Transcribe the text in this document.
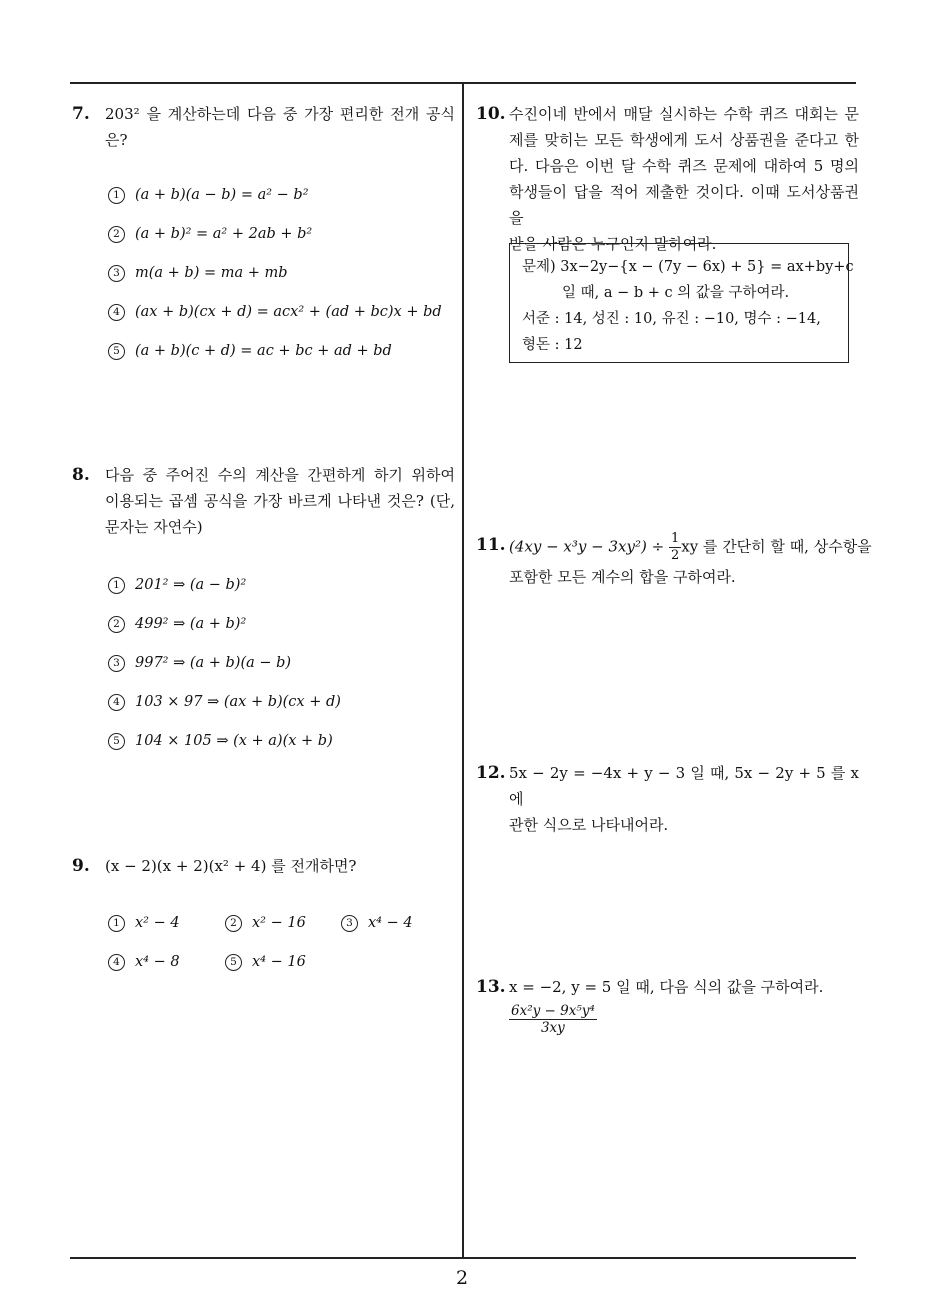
7. 203² 을 계산하는데 다음 중 가장 편리한 전개 공식
은?
1 (a + b)(a − b) = a² − b²
2 (a + b)² = a² + 2ab + b²
3 m(a + b) = ma + mb
4 (ax + b)(cx + d) = acx² + (ad + bc)x + bd
5 (a + b)(c + d) = ac + bc + ad + bd
8. 다음 중 주어진 수의 계산을 간편하게 하기 위하여
이용되는 곱셈 공식을 가장 바르게 나타낸 것은? (단,
문자는 자연수)
1 201² ⇒ (a − b)²
2 499² ⇒ (a + b)²
3 997² ⇒ (a + b)(a − b)
4 103 × 97 ⇒ (ax + b)(cx + d)
5 104 × 105 ⇒ (x + a)(x + b)
9. (x − 2)(x + 2)(x² + 4) 를 전개하면?
1 x² − 4	2 x² − 16	3 x⁴ − 4
4 x⁴ − 8	5 x⁴ − 16
10. 수진이네 반에서 매달 실시하는 수학 퀴즈 대회는 문
제를 맞히는 모든 학생에게 도서 상품권을 준다고 한
다. 다음은 이번 달 수학 퀴즈 문제에 대하여 5 명의
학생들이 답을 적어 제출한 것이다. 이때 도서상품권을
받을 사람은 누구인지 말하여라.
문제) 3x−2y−{x − (7y − 6x) + 5} = ax+by+c
일 때, a − b + c 의 값을 구하여라.
서준 : 14, 성진 : 10, 유진 : −10, 명수 : −14,
형돈 : 12
11. $(4xy - x^3y - 3xy^2) \div \frac{1}{2}$ xy 를 간단히 할 때, 상수항을
포함한 모든 계수의 합을 구하여라.
12. 5x − 2y = −4x + y − 3 일 때, 5x − 2y + 5 를 x 에
관한 식으로 나타내어라.
13. x = −2, y = 5 일 때, 다음 식의 값을 구하여라.
$\frac{\text{6x²y − 9x⁵y⁴}}{3xy}$
2
